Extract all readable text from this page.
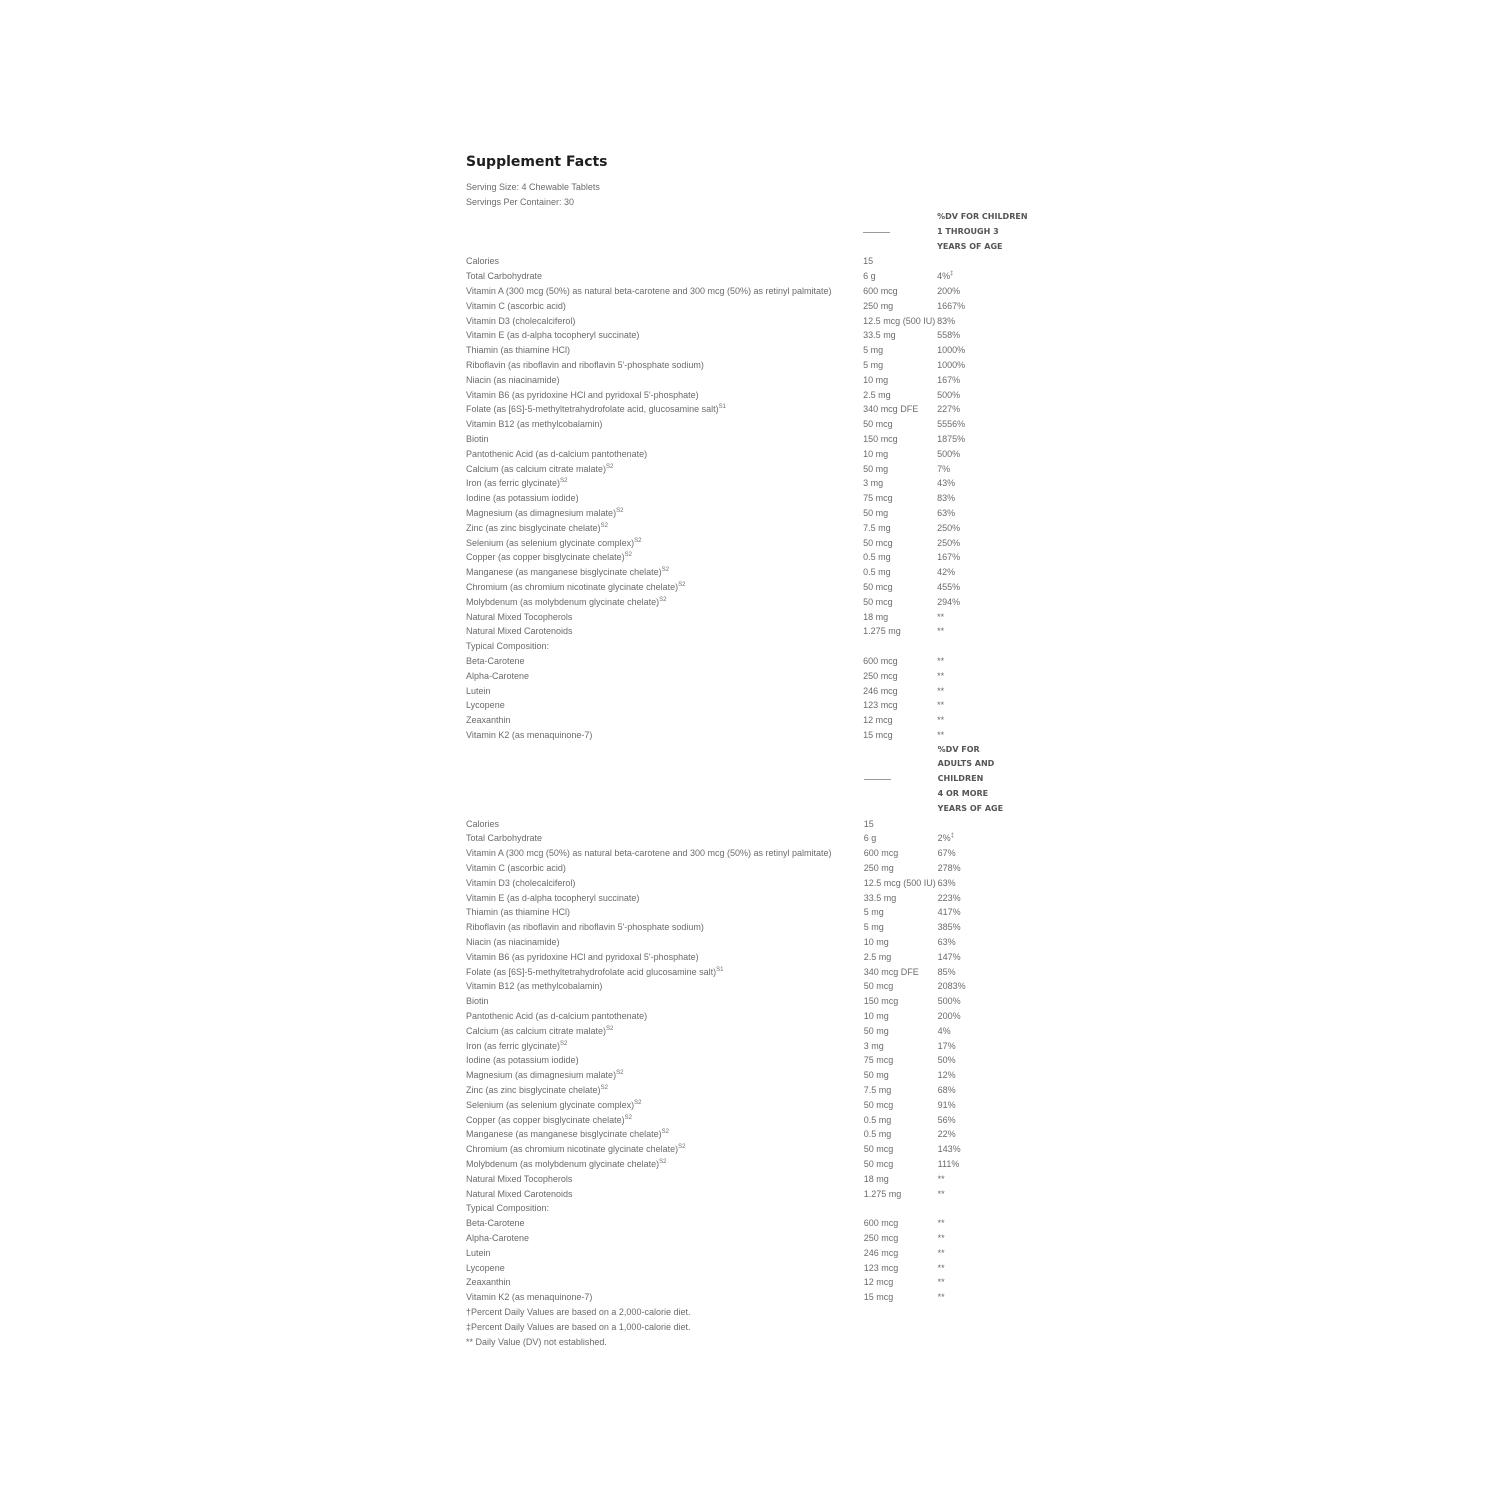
Supplement Facts
Serving Size: 4 Chewable Tablets
Servings Per Container: 30

		%DV FOR CHILDREN
1 THROUGH 3
YEARS OF AGE

Calories	15	
Total Carbohydrate	6 g	4%‡
Vitamin A (300 mcg (50%) as natural beta-carotene and 300 mcg (50%) as retinyl palmitate)	600 mcg	200%
Vitamin C (ascorbic acid)	250 mg	1667%
Vitamin D3 (cholecalciferol)	12.5 mcg (500 IU)	83%
Vitamin E (as d-alpha tocopheryl succinate)	33.5 mg	558%
Thiamin (as thiamine HCl)	5 mg	1000%
Riboflavin (as riboflavin and riboflavin 5'-phosphate sodium)	5 mg	1000%
Niacin (as niacinamide)	10 mg	167%
Vitamin B6 (as pyridoxine HCl and pyridoxal 5'-phosphate)	2.5 mg	500%
Folate (as [6S]-5-methyltetrahydrofolate acid, glucosamine salt)$^{S1}$	340 mcg DFE	227%
Vitamin B12 (as methylcobalamin)	50 mcg	5556%
Biotin	150 mcg	1875%
Pantothenic Acid (as d-calcium pantothenate)	10 mg	500%
Calcium (as calcium citrate malate)$^{S2}$	50 mg	7%
Iron (as ferric glycinate)$^{S2}$	3 mg	43%
Iodine (as potassium iodide)	75 mcg	83%
Magnesium (as dimagnesium malate)$^{S2}$	50 mg	63%
Zinc (as zinc bisglycinate chelate)$^{S2}$	7.5 mg	250%
Selenium (as selenium glycinate complex)$^{S2}$	50 mcg	250%
Copper (as copper bisglycinate chelate)$^{S2}$	0.5 mg	167%
Manganese (as manganese bisglycinate chelate)$^{S2}$	0.5 mg	42%
Chromium (as chromium nicotinate glycinate chelate)$^{S2}$	50 mcg	455%
Molybdenum (as molybdenum glycinate chelate)$^{S2}$	50 mcg	294%
Natural Mixed Tocopherols	18 mg	**
Natural Mixed Carotenoids	1.275 mg	**
Typical Composition:		
Beta-Carotene	600 mcg	**
Alpha-Carotene	250 mcg	**
Lutein	246 mcg	**
Lycopene	123 mcg	**
Zeaxanthin	12 mcg	**
Vitamin K2 (as menaquinone-7)	15 mcg	**

		%DV FOR
ADULTS AND
CHILDREN
4 OR MORE
YEARS OF AGE

Calories	15	
Total Carbohydrate	6 g	2%‡
Vitamin A (300 mcg (50%) as natural beta-carotene and 300 mcg (50%) as retinyl palmitate)	600 mcg	67%
Vitamin C (ascorbic acid)	250 mg	278%
Vitamin D3 (cholecalciferol)	12.5 mcg (500 IU)	63%
Vitamin E (as d-alpha tocopheryl succinate)	33.5 mg	223%
Thiamin (as thiamine HCl)	5 mg	417%
Riboflavin (as riboflavin and riboflavin 5'-phosphate sodium)	5 mg	385%
Niacin (as niacinamide)	10 mg	63%
Vitamin B6 (as pyridoxine HCl and pyridoxal 5'-phosphate)	2.5 mg	147%
Folate (as [6S]-5-methyltetrahydrofolate acid glucosamine salt)$^{S1}$	340 mcg DFE	85%
Vitamin B12 (as methylcobalamin)	50 mcg	2083%
Biotin	150 mcg	500%
Pantothenic Acid (as d-calcium pantothenate)	10 mg	200%
Calcium (as calcium citrate malate)$^{S2}$	50 mg	4%
Iron (as ferric glycinate)$^{S2}$	3 mg	17%
Iodine (as potassium iodide)	75 mcg	50%
Magnesium (as dimagnesium malate)$^{S2}$	50 mg	12%
Zinc (as zinc bisglycinate chelate)$^{S2}$	7.5 mg	68%
Selenium (as selenium glycinate complex)$^{S2}$	50 mcg	91%
Copper (as copper bisglycinate chelate)$^{S2}$	0.5 mg	56%
Manganese (as manganese bisglycinate chelate)$^{S2}$	0.5 mg	22%
Chromium (as chromium nicotinate glycinate chelate)$^{S2}$	50 mcg	143%
Molybdenum (as molybdenum glycinate chelate)$^{S2}$	50 mcg	111%
Natural Mixed Tocopherols	18 mg	**
Natural Mixed Carotenoids	1.275 mg	**
Typical Composition:		
Beta-Carotene	600 mcg	**
Alpha-Carotene	250 mcg	**
Lutein	246 mcg	**
Lycopene	123 mcg	**
Zeaxanthin	12 mcg	**
Vitamin K2 (as menaquinone-7)	15 mcg	**
†Percent Daily Values are based on a 2,000-calorie diet.
‡Percent Daily Values are based on a 1,000-calorie diet.
** Daily Value (DV) not established.
